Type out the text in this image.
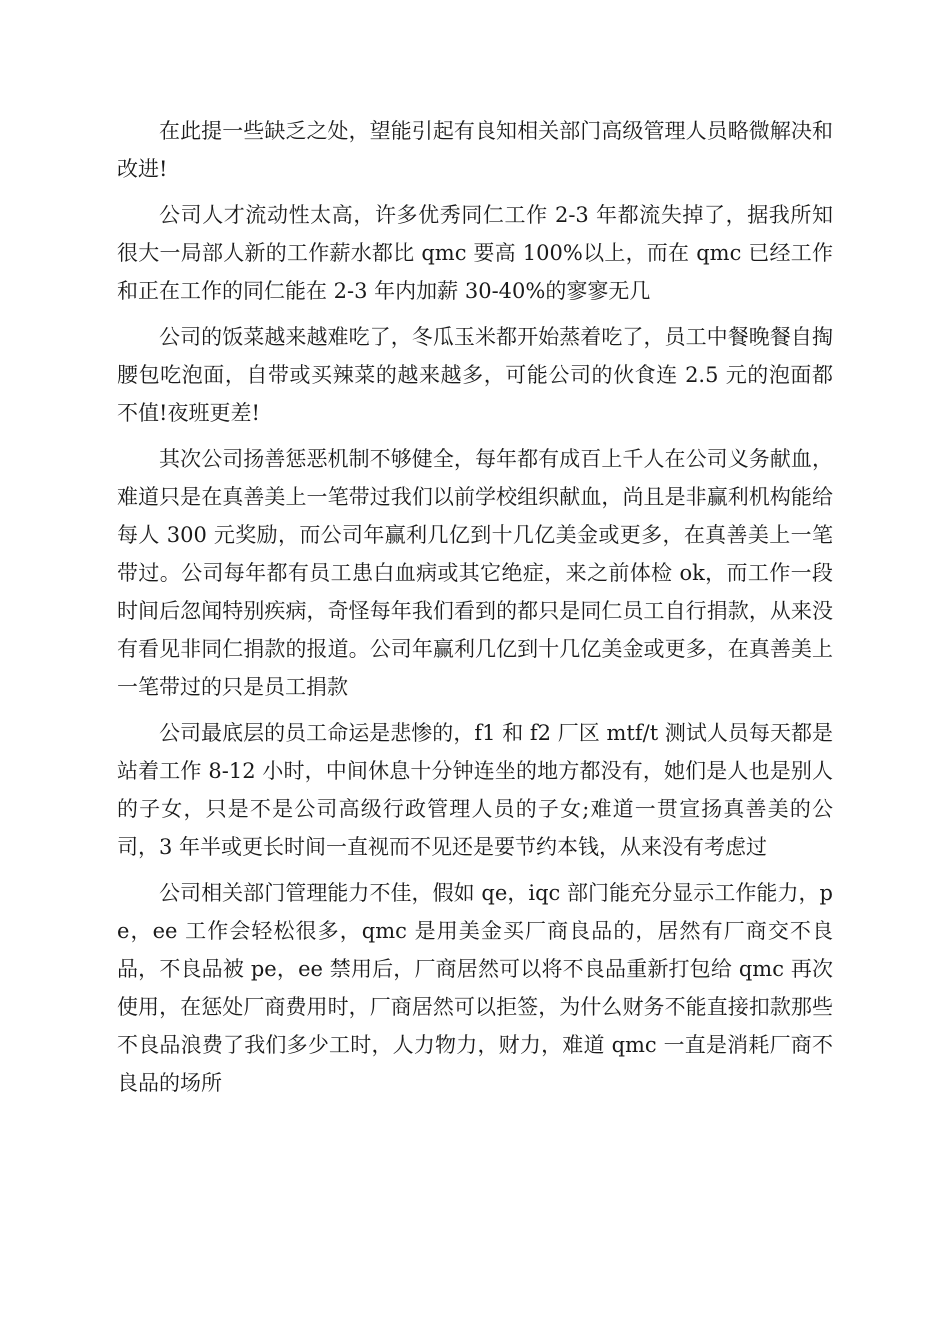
在此提一些缺乏之处，望能引起有良知相关部门高级管理人员略微解决和改进!

公司人才流动性太高，许多优秀同仁工作 2-3 年都流失掉了，据我所知很大一局部人新的工作薪水都比 qmc 要高 100%以上，而在 qmc 已经工作和正在工作的同仁能在 2-3 年内加薪 30-40%的寥寥无几

公司的饭菜越来越难吃了，冬瓜玉米都开始蒸着吃了，员工中餐晚餐自掏腰包吃泡面，自带或买辣菜的越来越多，可能公司的伙食连 2.5 元的泡面都不值!夜班更差!

其次公司扬善惩恶机制不够健全，每年都有成百上千人在公司义务献血，难道只是在真善美上一笔带过我们以前学校组织献血，尚且是非赢利机构能给每人 300 元奖励，而公司年赢利几亿到十几亿美金或更多，在真善美上一笔带过。公司每年都有员工患白血病或其它绝症，来之前体检 ok，而工作一段时间后忽闻特别疾病，奇怪每年我们看到的都只是同仁员工自行捐款，从来没有看见非同仁捐款的报道。公司年赢利几亿到十几亿美金或更多，在真善美上一笔带过的只是员工捐款

公司最底层的员工命运是悲惨的，f1 和 f2 厂区 mtf/t 测试人员每天都是站着工作 8-12 小时，中间休息十分钟连坐的地方都没有，她们是人也是别人的子女，只是不是公司高级行政管理人员的子女;难道一贯宣扬真善美的公司，3 年半或更长时间一直视而不见还是要节约本钱，从来没有考虑过

公司相关部门管理能力不佳，假如 qe，iqc 部门能充分显示工作能力，pe，ee 工作会轻松很多，qmc 是用美金买厂商良品的，居然有厂商交不良品，不良品被 pe，ee 禁用后，厂商居然可以将不良品重新打包给 qmc 再次使用，在惩处厂商费用时，厂商居然可以拒签，为什么财务不能直接扣款那些不良品浪费了我们多少工时，人力物力，财力，难道 qmc 一直是消耗厂商不良品的场所
